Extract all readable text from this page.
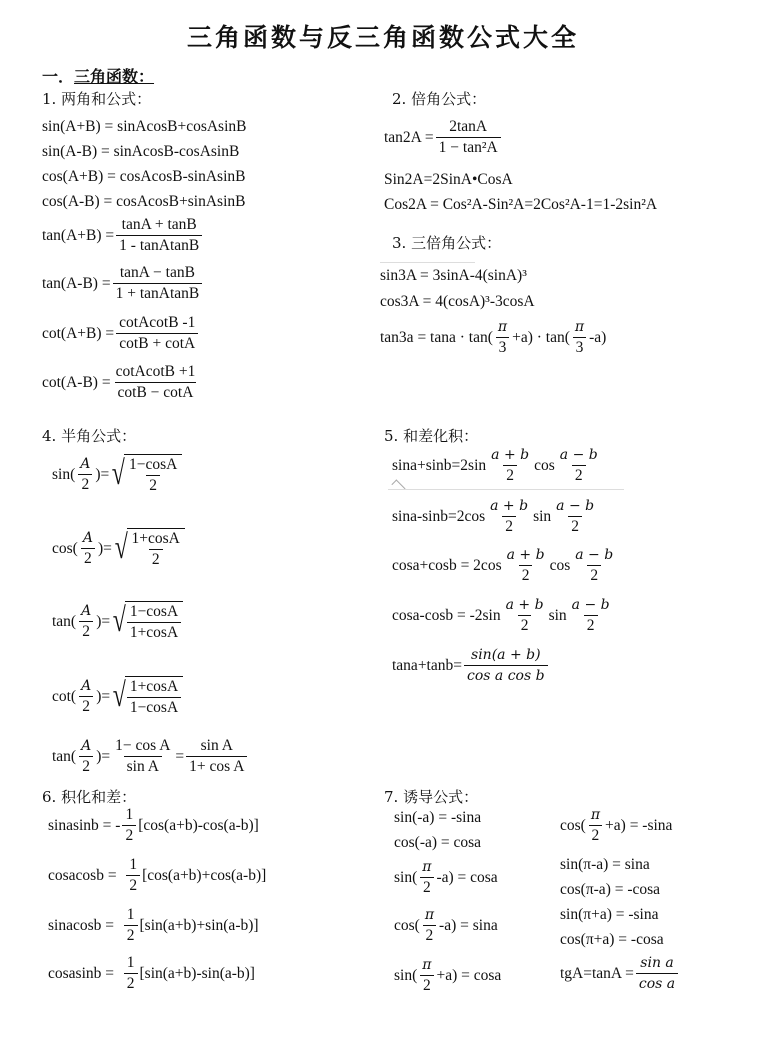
三角函数与反三角函数公式大全
一．三角函数：
1. 两角和公式：
sin(A+B) = sinAcosB+cosAsinB
sin(A-B) = sinAcosB-cosAsinB
cos(A+B) = cosAcosB-sinAsinB
cos(A-B) = cosAcosB+sinAsinB
$\tan(A+B) = \frac{\tan A + \tan B}{\text{1 - tanAtanB}}$
$\tan(A-B) = \frac{\tan A - \tan B}{\text{1 + tanAtanB}}$
$\cot(A+B) = \frac{\text{cotAcotB -1}}{\cot B + \cot A}$
$\cot(A-B) = \frac{\text{cotAcotB +1}}{\cot B - \cot A}$
2. 倍角公式：
$\tan 2A = \frac{2\tan A}{\text{1 − tan²A}}$
Sin2A=2SinA•CosA
Cos2A = Cos²A-Sin²A=2Cos²A-1=1-2sin²A
3. 三倍角公式：
sin3A = 3sinA-4(sinA)³
cos3A = 4(cosA)³-3cosA
$\tan 3a = \tan a \cdot \tan( \frac{\pi}{3} +a) \cdot \tan( \frac{\pi}{3} -a)$
4. 半角公式：
$\sin( \frac{A}{2}$ )= √ $\frac{1-\cos A}{2}$
$\cos( \frac{A}{2}$ )= √ $\frac{1+\cos A}{2}$
$\tan( \frac{A}{2}$ )= √ $\frac{1-\cos A}{1+\cos A}$
$\cot( \frac{A}{2}$ )= √ $\frac{1+\cos A}{1-\cos A}$
$\tan( \frac{A}{2}$ )= $\frac{\text{1− cos A}}{\text{sin A}} = \frac{\text{sin A}}{\text{1+ cos A}}$
5. 和差化积：
$\sin a+\sin b=2\sin \frac{a + b}{2}$ $\cos \frac{a - b}{2}$
$\sin a-\sin b=2\cos \frac{a + b}{2}$ $\sin \frac{a - b}{2}$
$\cos a+\cos b = 2\cos \frac{a + b}{2}$ $\cos \frac{a - b}{2}$
$\cos a-\cos b = -2\sin \frac{a + b}{2}$ $\sin \frac{a - b}{2}$
$\tan a+\tan b= \frac{\sin(a + b)}{\text{cos a cos b}}$
6. 积化和差：
sinasinb = - $\frac{1}{2} [\cos(a+b)-\cos(a-b)]$
cosacosb =
$\frac{1}{2} [\cos(a+b)+\cos(a-b)]$
sinacosb =
$\frac{1}{2} [\sin(a+b)+\sin(a-b)]$
cosasinb =
$\frac{1}{2} [\sin(a+b)-\sin(a-b)]$
7. 诱导公式：
sin(-a) = -sina
cos(-a) = cosa
$\sin( \frac{\pi}{2} -a) = \cos a$
$\cos( \frac{\pi}{2} -a) = \sin a$
$\sin( \frac{\pi}{2} +a) = \cos a$
$\cos( \frac{\pi}{2} +a) = -\sin a$
sin(π-a) = sina
cos(π-a) = -cosa
sin(π+a) = -sina
cos(π+a) = -cosa
$tgA=\tan A = \frac{\text{sin a}}{\text{cos a}}$
